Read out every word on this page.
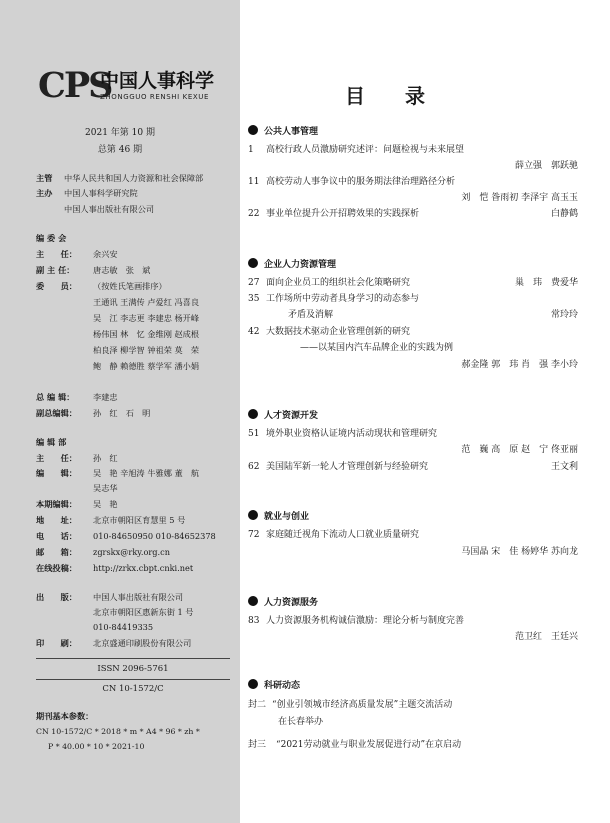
CPS
中国人事科学
ZHONGGUO RENSHI KEXUE
2021 年第 10 期
总第 46 期
主管 中华人民共和国人力资源和社会保障部
主办 中国人事科学研究院
中国人事出版社有限公司
编 委 会
主　　任： 余兴安
副 主 任： 唐志敏　张　斌
委　　员： （按姓氏笔画排序）
王通讯 王满传 卢爱红 冯喜良
吴　江 李志更 李建忠 杨开峰
杨伟国 林　忆 金维刚 赵成根
柏良泽 柳学智 钟祖荣 莫　荣
鲍　静 赖德胜 蔡学军 潘小娟
总 编 辑： 李建忠
副总编辑： 孙　红　石　明
编 辑 部
主　　任： 孙　红
编　　辑： 吴　艳 辛旭涛 牛雅娜 董　航
吴志华
本期编辑： 吴　艳
地　　址： 北京市朝阳区育慧里 5 号
电　　话： 010-84650950 010-84652378
邮　　箱： zgrskx@rky.org.cn
在线投稿： http://zrkx.cbpt.cnki.net
出　　版： 中国人事出版社有限公司
北京市朝阳区惠新东街 1 号
010-84419335
印　　刷： 北京盛通印刷股份有限公司
ISSN 2096-5761
CN 10-1572/C
期刊基本参数：
CN 10-1572/C * 2018 * m * A4 * 96 * zh *
P * 40.00 * 10 * 2021-10
目录
公共人事管理
1 高校行政人员激励研究述评：问题检视与未来展望
薛立强　郭跃驰
11 高校劳动人事争议中的服务期法律治理路径分析
刘　恺 昝雨初 李泽宇 高玉玉
22 事业单位提升公开招聘效果的实践探析	白静鹤
企业人力资源管理
27 面向企业员工的组织社会化策略研究	巢　玮　费爱华
35 工作场所中劳动者具身学习的动态参与
矛盾及消解	常玲玲
42 大数据技术驱动企业管理创新的研究
——以某国内汽车品牌企业的实践为例
郝金隆 郭　玮 肖　强 李小玲
人才资源开发
51 境外职业资格认证境内活动现状和管理研究
范　巍 高　原 赵　宁 佟亚丽
62 美国陆军新一轮人才管理创新与经验研究	王文利
就业与创业
72 家庭随迁视角下流动人口就业质量研究
马国晶 宋　佳 杨婷华 苏向龙
人力资源服务
83 人力资源服务机构诚信激励：理论分析与制度完善
范卫红　王廷兴
科研动态
封二 “创业引领城市经济高质量发展”主题交流活动
在长春举办
封三 “2021劳动就业与职业发展促进行动”在京启动
